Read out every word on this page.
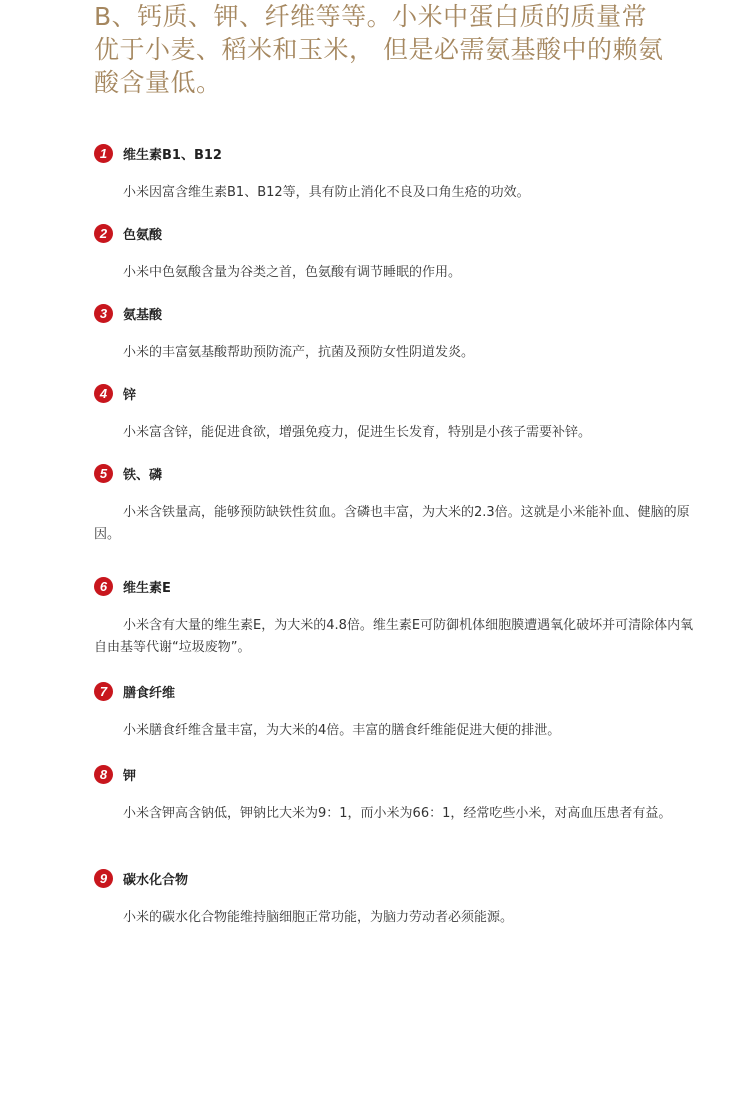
B、钙质、钾、纤维等等。小米中蛋白质的质量常

优于小麦、稻米和玉米， 但是必需氨基酸中的赖氨

酸含量低。

1	维生素B1、B12

小米因富含维生素B1、B12等，具有防止消化不良及口角生疮的功效。

2	色氨酸

小米中色氨酸含量为谷类之首，色氨酸有调节睡眠的作用。

3	氨基酸

小米的丰富氨基酸帮助预防流产，抗菌及预防女性阴道发炎。

4	锌

小米富含锌，能促进食欲，增强免疫力，促进生长发育，特别是小孩子需要补锌。

5	铁、磷

小米含铁量高，能够预防缺铁性贫血。含磷也丰富，为大米的2.3倍。这就是小米能补血、健脑的原因。

6	维生素E

小米含有大量的维生素E，为大米的4.8倍。维生素E可防御机体细胞膜遭遇氧化破坏并可清除体内氧自由基等代谢“垃圾废物”。

7	膳食纤维

小米膳食纤维含量丰富，为大米的4倍。丰富的膳食纤维能促进大便的排泄。

8	钾

小米含钾高含钠低，钾钠比大米为9：1，而小米为66：1，经常吃些小米，对高血压患者有益。

9	碳水化合物

小米的碳水化合物能维持脑细胞正常功能，为脑力劳动者必须能源。
